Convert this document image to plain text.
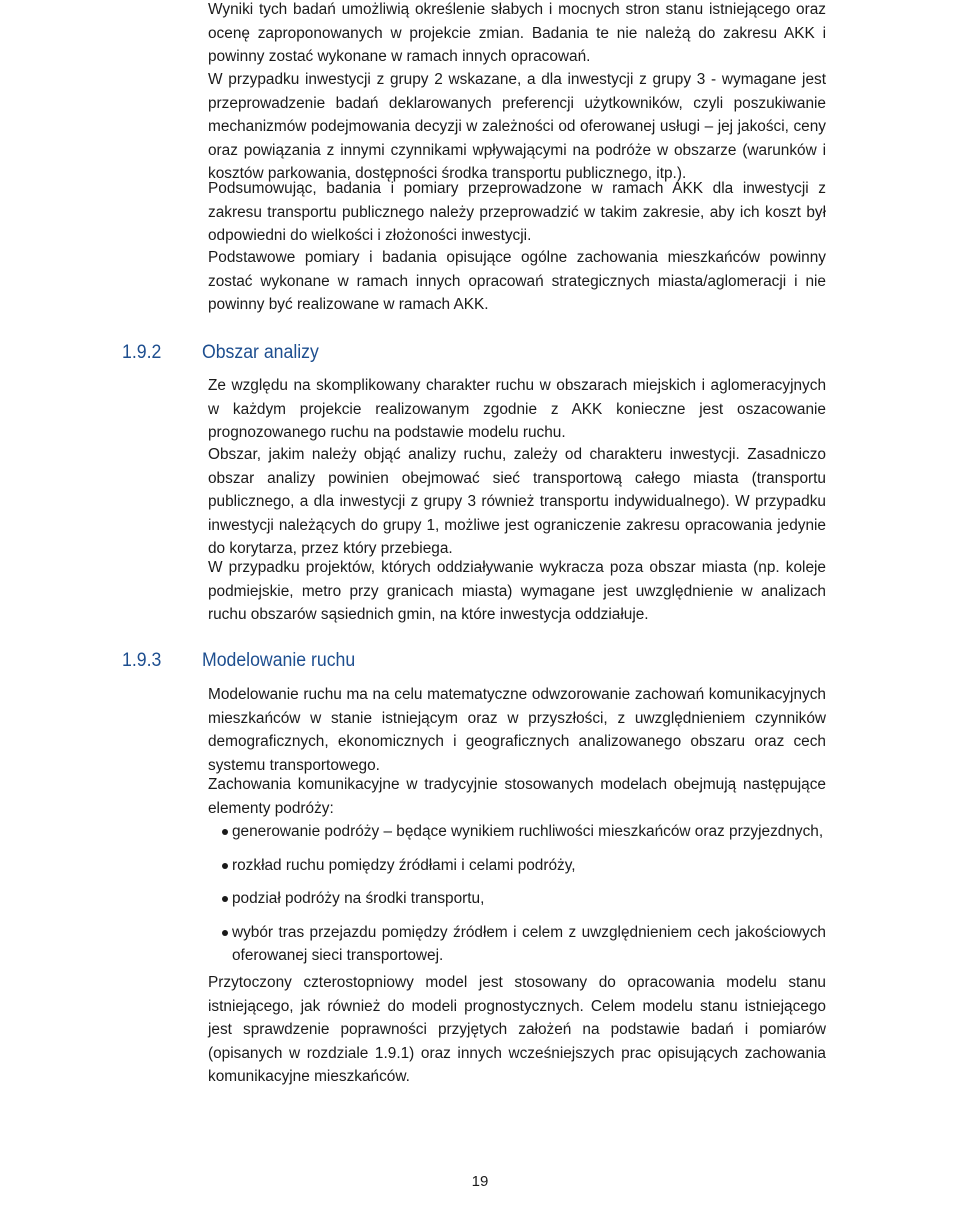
Wyniki tych badań umożliwią określenie słabych i mocnych stron stanu istniejącego oraz ocenę zaproponowanych w projekcie zmian. Badania te nie należą do zakresu AKK i powinny zostać wykonane w ramach innych opracowań.

W przypadku inwestycji z grupy 2 wskazane, a dla inwestycji z grupy 3 - wymagane jest przeprowadzenie badań deklarowanych preferencji użytkowników, czyli poszukiwanie mechanizmów podejmowania decyzji w zależności od oferowanej usługi – jej jakości, ceny oraz powiązania z innymi czynnikami wpływającymi na podróże w obszarze (warunków i kosztów parkowania, dostępności środka transportu publicznego, itp.).

Podsumowując, badania i pomiary przeprowadzone w ramach AKK dla inwestycji z zakresu transportu publicznego należy przeprowadzić w takim zakresie, aby ich koszt był odpowiedni do wielkości i złożoności inwestycji.

Podstawowe pomiary i badania opisujące ogólne zachowania mieszkańców powinny zostać wykonane w ramach innych opracowań strategicznych miasta/aglomeracji i nie powinny być realizowane w ramach AKK.

1.9.2 Obszar analizy

Ze względu na skomplikowany charakter ruchu w obszarach miejskich i aglomeracyjnych w każdym projekcie realizowanym zgodnie z AKK konieczne jest oszacowanie prognozowanego ruchu na podstawie modelu ruchu.

Obszar, jakim należy objąć analizy ruchu, zależy od charakteru inwestycji. Zasadniczo obszar analizy powinien obejmować sieć transportową całego miasta (transportu publicznego, a dla inwestycji z grupy 3 również transportu indywidualnego). W przypadku inwestycji należących do grupy 1, możliwe jest ograniczenie zakresu opracowania jedynie do korytarza, przez który przebiega.

W przypadku projektów, których oddziaływanie wykracza poza obszar miasta (np. koleje podmiejskie, metro przy granicach miasta) wymagane jest uwzględnienie w analizach ruchu obszarów sąsiednich gmin, na które inwestycja oddziałuje.

1.9.3 Modelowanie ruchu

Modelowanie ruchu ma na celu matematyczne odwzorowanie zachowań komunikacyjnych mieszkańców w stanie istniejącym oraz w przyszłości, z uwzględnieniem czynników demograficznych, ekonomicznych i geograficznych analizowanego obszaru oraz cech systemu transportowego.

Zachowania komunikacyjne w tradycyjnie stosowanych modelach obejmują następujące elementy podróży:

generowanie podróży – będące wynikiem ruchliwości mieszkańców oraz przyjezdnych,
rozkład ruchu pomiędzy źródłami i celami podróży,
podział podróży na środki transportu,
wybór tras przejazdu pomiędzy źródłem i celem z uwzględnieniem cech jakościowych oferowanej sieci transportowej.

Przytoczony czterostopniowy model jest stosowany do opracowania modelu stanu istniejącego, jak również do modeli prognostycznych. Celem modelu stanu istniejącego jest sprawdzenie poprawności przyjętych założeń na podstawie badań i pomiarów (opisanych w rozdziale 1.9.1) oraz innych wcześniejszych prac opisujących zachowania komunikacyjne mieszkańców.

19
